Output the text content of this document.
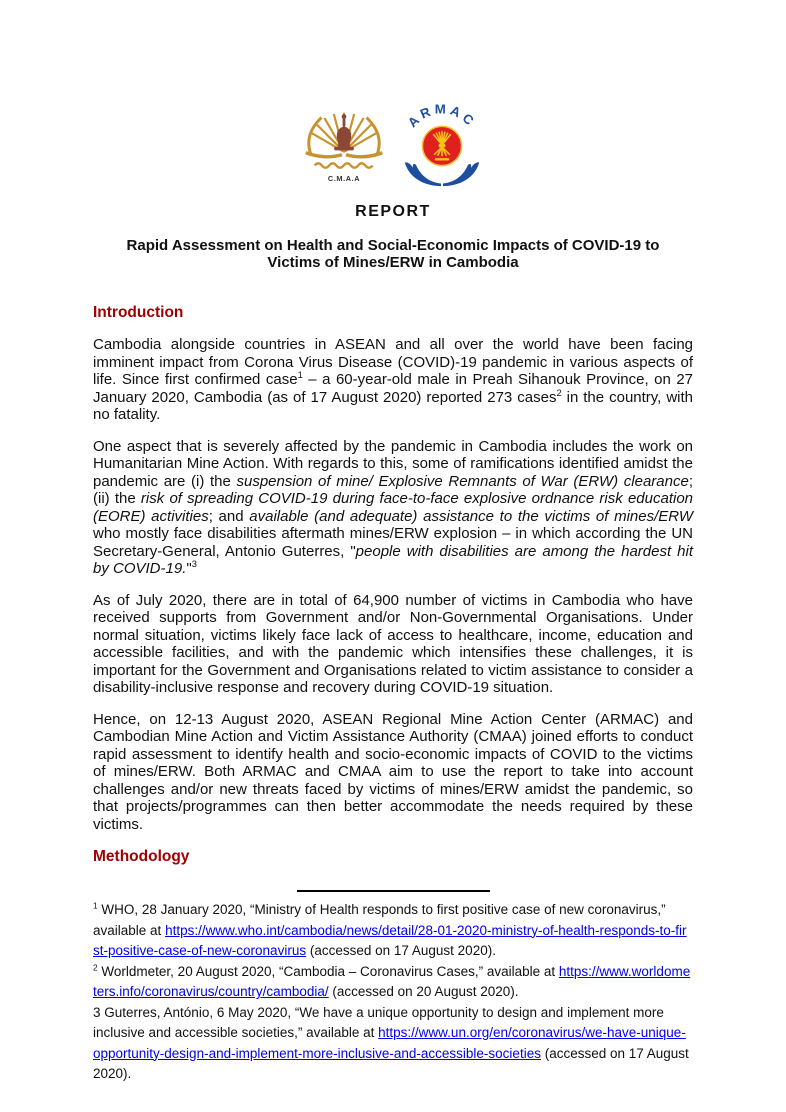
C.M.A.A
ARMAC
REPORT
Rapid Assessment on Health and Social-Economic Impacts of COVID-19 to Victims of Mines/ERW in Cambodia
Introduction

Cambodia alongside countries in ASEAN and all over the world have been facing imminent impact from Corona Virus Disease (COVID)-19 pandemic in various aspects of life. Since first confirmed case$^1$ – a 60-year-old male in Preah Sihanouk Province, on 27 January 2020, Cambodia (as of 17 August 2020) reported 273 cases$^2$ in the country, with no fatality.

One aspect that is severely affected by the pandemic in Cambodia includes the work on Humanitarian Mine Action. With regards to this, some of ramifications identified amidst the pandemic are (i) the suspension of mine/ Explosive Remnants of War (ERW) clearance; (ii) the risk of spreading COVID-19 during face-to-face explosive ordnance risk education (EORE) activities; and available (and adequate) assistance to the victims of mines/ERW who mostly face disabilities aftermath mines/ERW explosion – in which according the UN Secretary-General, Antonio Guterres, "people with disabilities are among the hardest hit by COVID-19."$^3$

As of July 2020, there are in total of 64,900 number of victims in Cambodia who have received supports from Government and/or Non-Governmental Organisations. Under normal situation, victims likely face lack of access to healthcare, income, education and accessible facilities, and with the pandemic which intensifies these challenges, it is important for the Government and Organisations related to victim assistance to consider a disability-inclusive response and recovery during COVID-19 situation.

Hence, on 12-13 August 2020, ASEAN Regional Mine Action Center (ARMAC) and Cambodian Mine Action and Victim Assistance Authority (CMAA) joined efforts to conduct rapid assessment to identify health and socio-economic impacts of COVID to the victims of mines/ERW. Both ARMAC and CMAA aim to use the report to take into account challenges and/or new threats faced by victims of mines/ERW amidst the pandemic, so that projects/programmes can then better accommodate the needs required by these victims.

Methodology

$^1$ WHO, 28 January 2020, “Ministry of Health responds to first positive case of new coronavirus,” available at https://www.who.int/cambodia/news/detail/28-01-2020-ministry-of-health-responds-to-first-positive-case-of-new-coronavirus (accessed on 17 August 2020).

$^2$ Worldmeter, 20 August 2020, “Cambodia – Coronavirus Cases,” available at https://www.worldometers.info/coronavirus/country/cambodia/ (accessed on 20 August 2020).

3 Guterres, António, 6 May 2020, “We have a unique opportunity to design and implement more inclusive and accessible societies,” available at https://www.un.org/en/coronavirus/we-have-unique-opportunity-design-and-implement-more-inclusive-and-accessible-societies (accessed on 17 August 2020).
